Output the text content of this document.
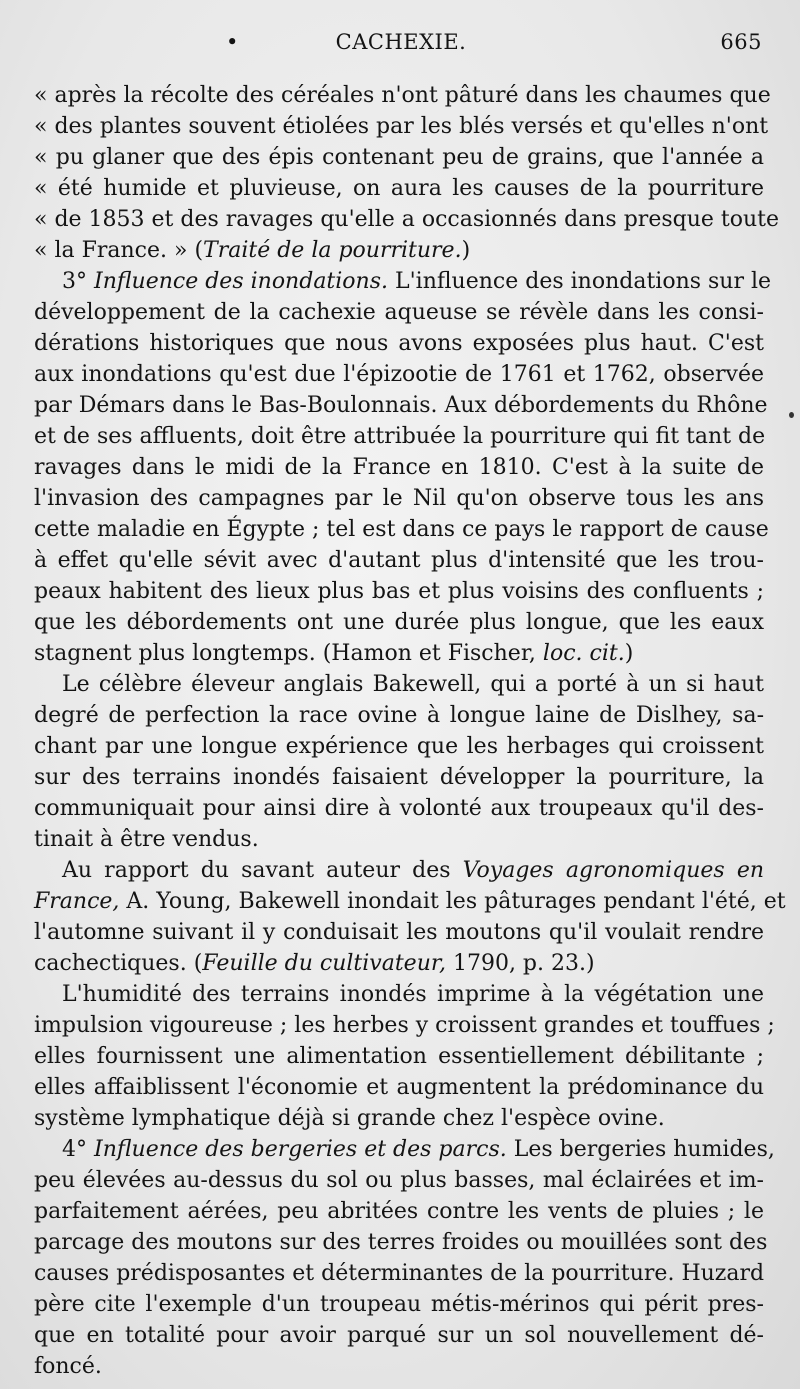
•	CACHEXIE.	665
« après la récolte des céréales n'ont pâturé dans les chaumes que
« des plantes souvent étiolées par les blés versés et qu'elles n'ont
« pu glaner que des épis contenant peu de grains, que l'année a
« été humide et pluvieuse, on aura les causes de la pourriture
« de 1853 et des ravages qu'elle a occasionnés dans presque toute
« la France. » (Traité de la pourriture.)
3° Influence des inondations. L'influence des inondations sur le
développement de la cachexie aqueuse se révèle dans les consi-
dérations historiques que nous avons exposées plus haut. C'est
aux inondations qu'est due l'épizootie de 1761 et 1762, observée
par Démars dans le Bas-Boulonnais. Aux débordements du Rhône
et de ses affluents, doit être attribuée la pourriture qui fit tant de
ravages dans le midi de la France en 1810. C'est à la suite de
l'invasion des campagnes par le Nil qu'on observe tous les ans
cette maladie en Égypte ; tel est dans ce pays le rapport de cause
à effet qu'elle sévit avec d'autant plus d'intensité que les trou-
peaux habitent des lieux plus bas et plus voisins des confluents ;
que les débordements ont une durée plus longue, que les eaux
stagnent plus longtemps. (Hamon et Fischer, loc. cit.)
Le célèbre éleveur anglais Bakewell, qui a porté à un si haut
degré de perfection la race ovine à longue laine de Dislhey, sa-
chant par une longue expérience que les herbages qui croissent
sur des terrains inondés faisaient développer la pourriture, la
communiquait pour ainsi dire à volonté aux troupeaux qu'il des-
tinait à être vendus.
Au rapport du savant auteur des Voyages agronomiques en
France, A. Young, Bakewell inondait les pâturages pendant l'été, et
l'automne suivant il y conduisait les moutons qu'il voulait rendre
cachectiques. (Feuille du cultivateur, 1790, p. 23.)
L'humidité des terrains inondés imprime à la végétation une
impulsion vigoureuse ; les herbes y croissent grandes et touffues ;
elles fournissent une alimentation essentiellement débilitante ;
elles affaiblissent l'économie et augmentent la prédominance du
système lymphatique déjà si grande chez l'espèce ovine.
4° Influence des bergeries et des parcs. Les bergeries humides,
peu élevées au-dessus du sol ou plus basses, mal éclairées et im-
parfaitement aérées, peu abritées contre les vents de pluies ; le
parcage des moutons sur des terres froides ou mouillées sont des
causes prédisposantes et déterminantes de la pourriture. Huzard
père cite l'exemple d'un troupeau métis-mérinos qui périt pres-
que en totalité pour avoir parqué sur un sol nouvellement dé-
foncé.
